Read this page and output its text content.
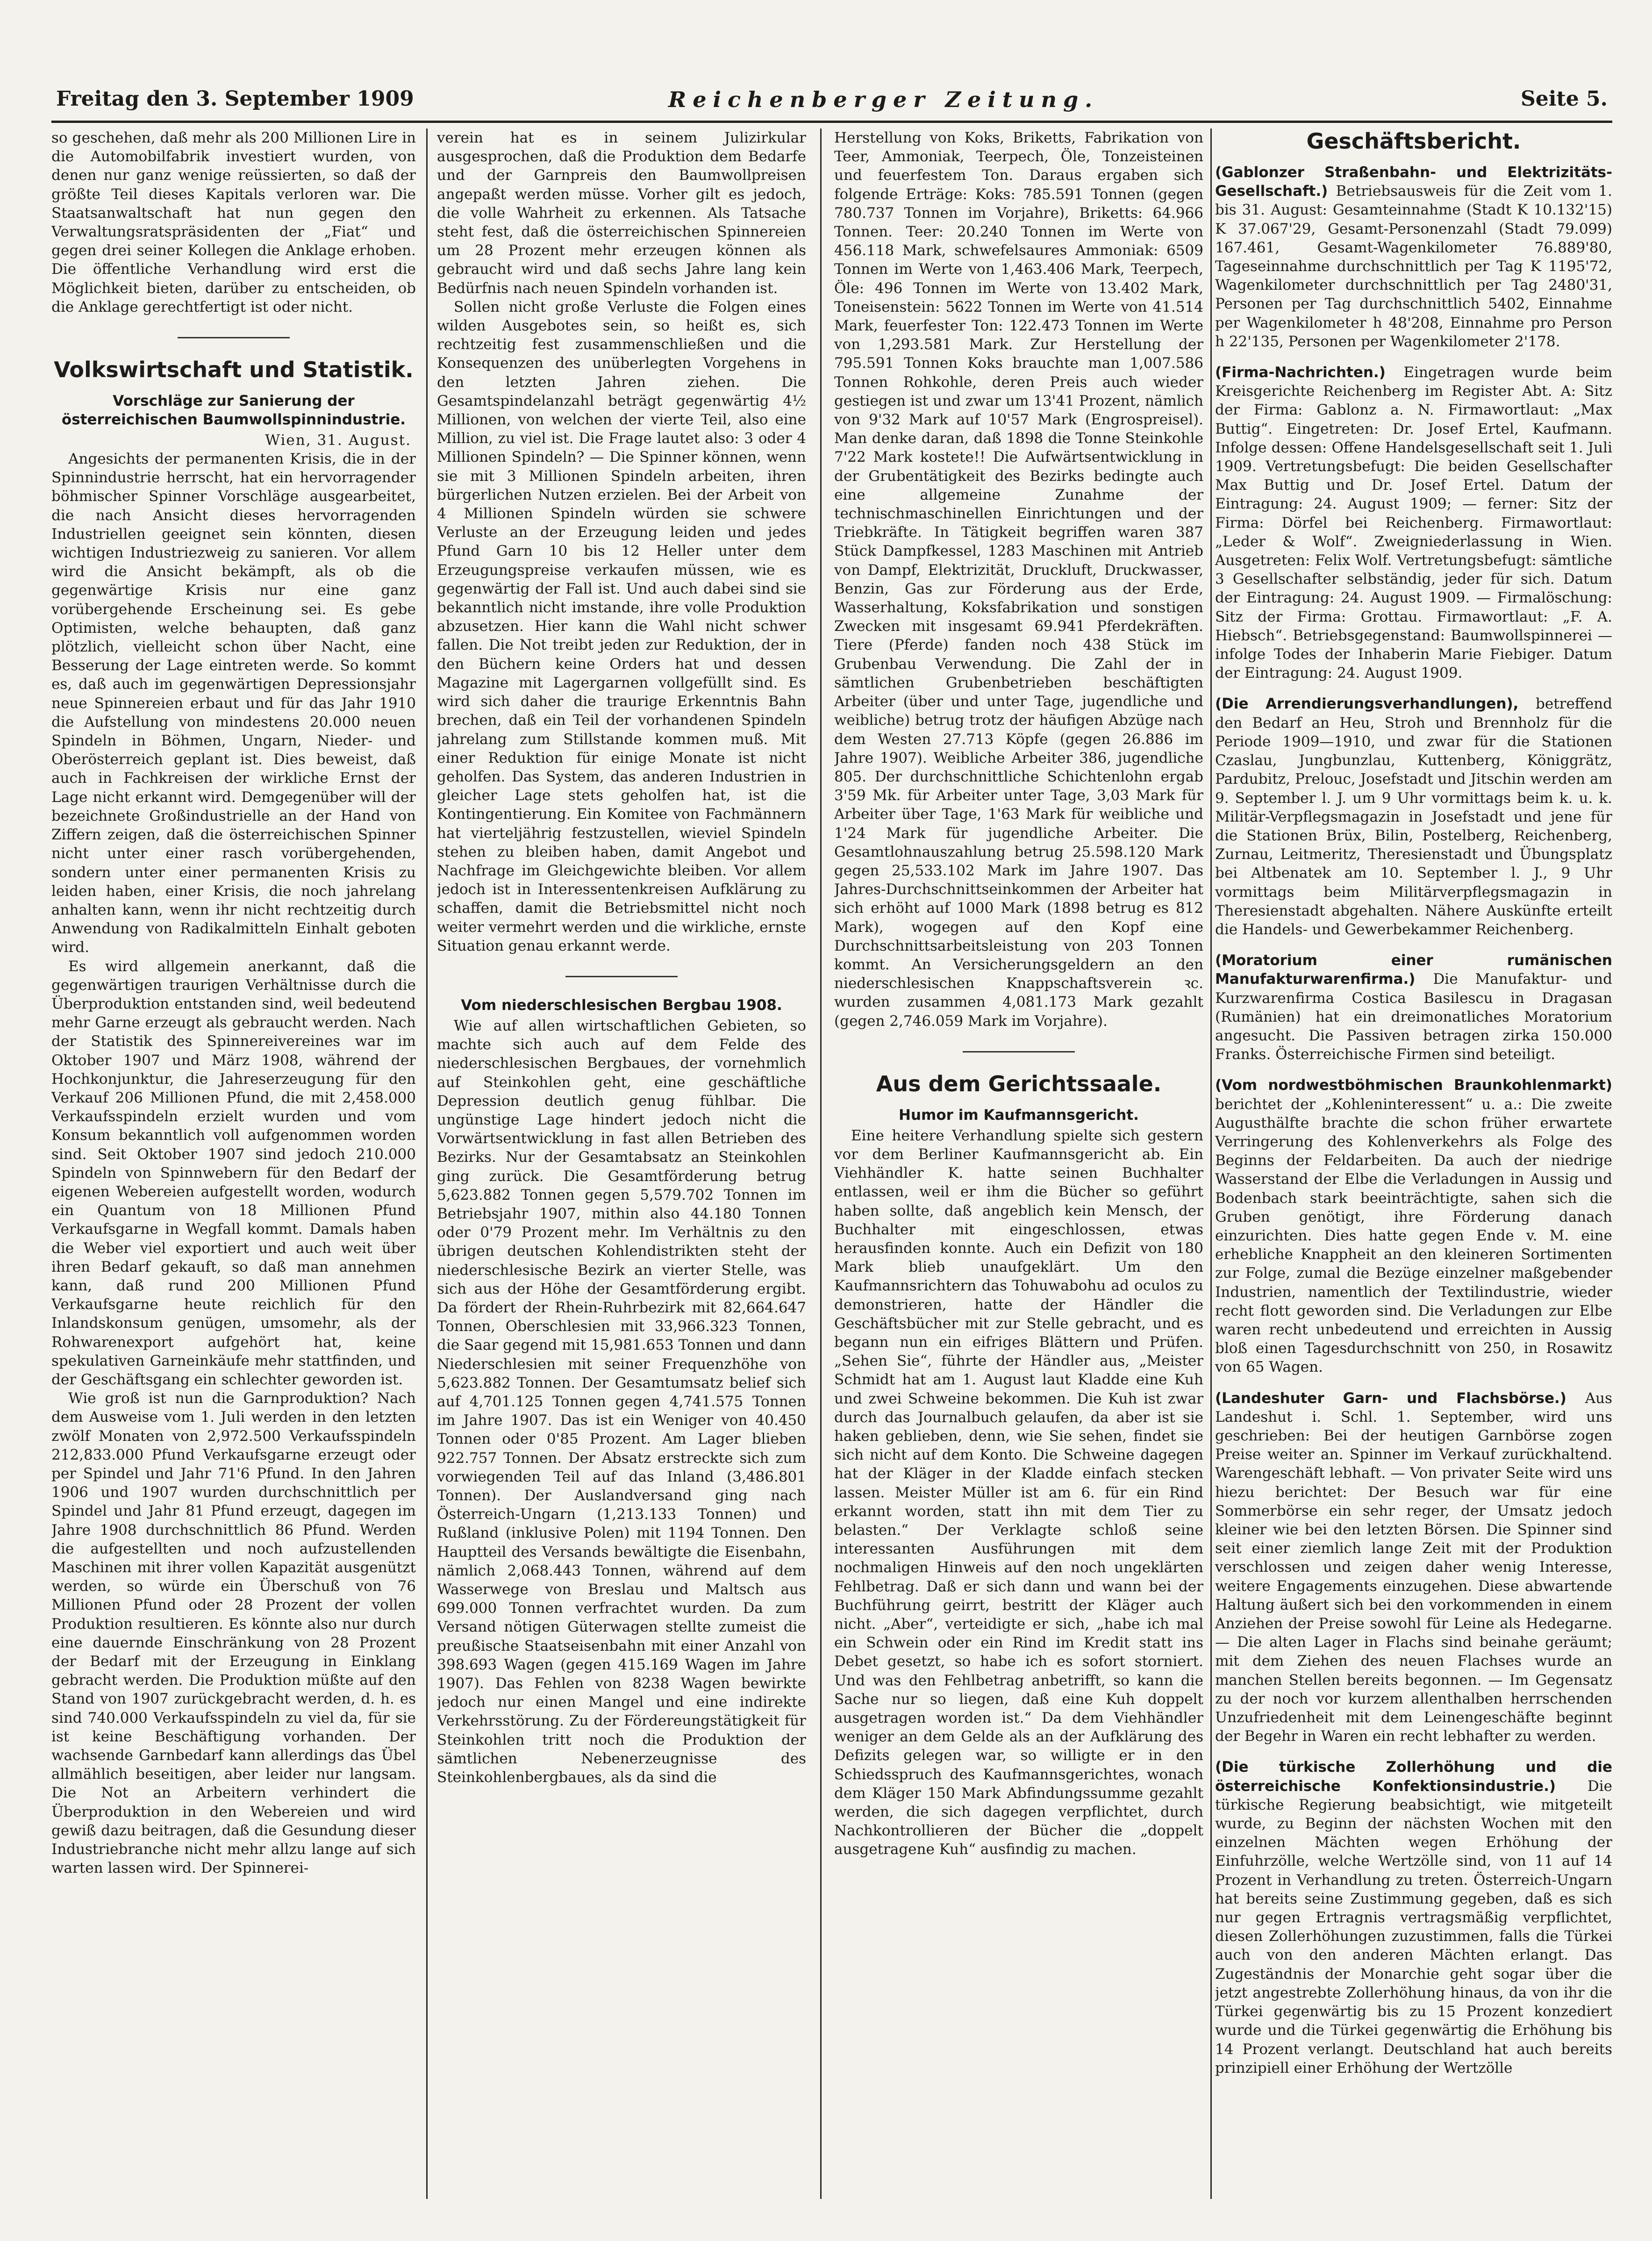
Freitag den 3. September 1909	Reichenberger Zeitung.	Seite 5.

so geschehen, daß mehr als 200 Millionen Lire in die Automobilfabrik investiert wurden, von denen nur ganz wenige reüssierten, so daß der größte Teil dieses Kapitals verloren war. Die Staatsanwaltschaft hat nun gegen den Verwaltungsratspräsidenten der „Fiat“ und gegen drei seiner Kollegen die Anklage erhoben. Die öffentliche Verhandlung wird erst die Möglichkeit bieten, darüber zu entscheiden, ob die Anklage gerechtfertigt ist oder nicht.

Volkswirtschaft und Statistik.
Vorschläge zur Sanierung der österreichischen Baumwollspinnindustrie.
Wien, 31. August.

Angesichts der permanenten Krisis, die in der Spinnindustrie herrscht, hat ein hervorragender böhmischer Spinner Vorschläge ausgearbeitet, die nach Ansicht dieses hervorragenden Industriellen geeignet sein könnten, diesen wichtigen Industriezweig zu sanieren. Vor allem wird die Ansicht bekämpft, als ob die gegenwärtige Krisis nur eine ganz vorübergehende Erscheinung sei. Es gebe Optimisten, welche behaupten, daß ganz plötzlich, vielleicht schon über Nacht, eine Besserung der Lage eintreten werde. So kommt es, daß auch im gegenwärtigen Depressionsjahr neue Spinnereien erbaut und für das Jahr 1910 die Aufstellung von mindestens 20.000 neuen Spindeln in Böhmen, Ungarn, Nieder- und Oberösterreich geplant ist. Dies beweist, daß auch in Fachkreisen der wirkliche Ernst der Lage nicht erkannt wird. Demgegenüber will der bezeichnete Großindustrielle an der Hand von Ziffern zeigen, daß die österreichischen Spinner nicht unter einer rasch vorübergehenden, sondern unter einer permanenten Krisis zu leiden haben, einer Krisis, die noch jahrelang anhalten kann, wenn ihr nicht rechtzeitig durch Anwendung von Radikalmitteln Einhalt geboten wird.

Es wird allgemein anerkannt, daß die gegenwärtigen traurigen Verhältnisse durch die Überproduktion entstanden sind, weil bedeutend mehr Garne erzeugt als gebraucht werden. Nach der Statistik des Spinnereivereines war im Oktober 1907 und März 1908, während der Hochkonjunktur, die Jahreserzeugung für den Verkauf 206 Millionen Pfund, die mit 2,458.000 Verkaufsspindeln erzielt wurden und vom Konsum bekanntlich voll aufgenommen worden sind. Seit Oktober 1907 sind jedoch 210.000 Spindeln von Spinnwebern für den Bedarf der eigenen Webereien aufgestellt worden, wodurch ein Quantum von 18 Millionen Pfund Verkaufsgarne in Wegfall kommt. Damals haben die Weber viel exportiert und auch weit über ihren Bedarf gekauft, so daß man annehmen kann, daß rund 200 Millionen Pfund Verkaufsgarne heute reichlich für den Inlandskonsum genügen, umsomehr, als der Rohwarenexport aufgehört hat, keine spekulativen Garneinkäufe mehr stattfinden, und der Geschäftsgang ein schlechter geworden ist.

Wie groß ist nun die Garnproduktion? Nach dem Ausweise vom 1. Juli werden in den letzten zwölf Monaten von 2,972.500 Verkaufsspindeln 212,833.000 Pfund Verkaufsgarne erzeugt oder per Spindel und Jahr 71'6 Pfund. In den Jahren 1906 und 1907 wurden durchschnittlich per Spindel und Jahr 81 Pfund erzeugt, dagegen im Jahre 1908 durchschnittlich 86 Pfund. Werden die aufgestellten und noch aufzustellenden Maschinen mit ihrer vollen Kapazität ausgenützt werden, so würde ein Überschuß von 76 Millionen Pfund oder 28 Prozent der vollen Produktion resultieren. Es könnte also nur durch eine dauernde Einschränkung von 28 Prozent der Bedarf mit der Erzeugung in Einklang gebracht werden. Die Produktion müßte auf den Stand von 1907 zurückgebracht werden, d. h. es sind 740.000 Verkaufsspindeln zu viel da, für sie ist keine Beschäftigung vorhanden. Der wachsende Garnbedarf kann allerdings das Übel allmählich beseitigen, aber leider nur langsam. Die Not an Arbeitern verhindert die Überproduktion in den Webereien und wird gewiß dazu beitragen, daß die Gesundung dieser Industriebranche nicht mehr allzu lange auf sich warten lassen wird. Der Spinnerei-

verein hat es in seinem Julizirkular ausgesprochen, daß die Produktion dem Bedarfe und der Garnpreis den Baumwollpreisen angepaßt werden müsse. Vorher gilt es jedoch, die volle Wahrheit zu erkennen. Als Tatsache steht fest, daß die österreichischen Spinnereien um 28 Prozent mehr erzeugen können als gebraucht wird und daß sechs Jahre lang kein Bedürfnis nach neuen Spindeln vorhanden ist.

Sollen nicht große Verluste die Folgen eines wilden Ausgebotes sein, so heißt es, sich rechtzeitig fest zusammenschließen und die Konsequenzen des unüberlegten Vorgehens in den letzten Jahren ziehen. Die Gesamtspindelanzahl beträgt gegenwärtig 4½ Millionen, von welchen der vierte Teil, also eine Million, zu viel ist. Die Frage lautet also: 3 oder 4 Millionen Spindeln? — Die Spinner können, wenn sie mit 3 Millionen Spindeln arbeiten, ihren bürgerlichen Nutzen erzielen. Bei der Arbeit von 4 Millionen Spindeln würden sie schwere Verluste an der Erzeugung leiden und jedes Pfund Garn 10 bis 12 Heller unter dem Erzeugungspreise verkaufen müssen, wie es gegenwärtig der Fall ist. Und auch dabei sind sie bekanntlich nicht imstande, ihre volle Produktion abzusetzen. Hier kann die Wahl nicht schwer fallen. Die Not treibt jeden zur Reduktion, der in den Büchern keine Orders hat und dessen Magazine mit Lagergarnen vollgefüllt sind. Es wird sich daher die traurige Erkenntnis Bahn brechen, daß ein Teil der vorhandenen Spindeln jahrelang zum Stillstande kommen muß. Mit einer Reduktion für einige Monate ist nicht geholfen. Das System, das anderen Industrien in gleicher Lage stets geholfen hat, ist die Kontingentierung. Ein Komitee von Fachmännern hat vierteljährig festzustellen, wieviel Spindeln stehen zu bleiben haben, damit Angebot und Nachfrage im Gleichgewichte bleiben. Vor allem jedoch ist in Interessentenkreisen Aufklärung zu schaffen, damit die Betriebsmittel nicht noch weiter vermehrt werden und die wirkliche, ernste Situation genau erkannt werde.

Vom niederschlesischen Bergbau 1908.

Wie auf allen wirtschaftlichen Gebieten, so machte sich auch auf dem Felde des niederschlesischen Bergbaues, der vornehmlich auf Steinkohlen geht, eine geschäftliche Depression deutlich genug fühlbar. Die ungünstige Lage hindert jedoch nicht die Vorwärtsentwicklung in fast allen Betrieben des Bezirks. Nur der Gesamtabsatz an Steinkohlen ging zurück. Die Gesamtförderung betrug 5,623.882 Tonnen gegen 5,579.702 Tonnen im Betriebsjahr 1907, mithin also 44.180 Tonnen oder 0'79 Prozent mehr. Im Verhältnis zu den übrigen deutschen Kohlendistrikten steht der niederschlesische Bezirk an vierter Stelle, was sich aus der Höhe der Gesamtförderung ergibt. Da fördert der Rhein-Ruhrbezirk mit 82,664.647 Tonnen, Oberschlesien mit 33,966.323 Tonnen, die Saar gegend mit 15,981.653 Tonnen und dann Niederschlesien mit seiner Frequenzhöhe von 5,623.882 Tonnen. Der Gesamtumsatz belief sich auf 4,701.125 Tonnen gegen 4,741.575 Tonnen im Jahre 1907. Das ist ein Weniger von 40.450 Tonnen oder 0'85 Prozent. Am Lager blieben 922.757 Tonnen. Der Absatz erstreckte sich zum vorwiegenden Teil auf das Inland (3,486.801 Tonnen). Der Auslandversand ging nach Österreich-Ungarn (1,213.133 Tonnen) und Rußland (inklusive Polen) mit 1194 Tonnen. Den Hauptteil des Versands bewältigte die Eisenbahn, nämlich 2,068.443 Tonnen, während auf dem Wasserwege von Breslau und Maltsch aus 699.000 Tonnen verfrachtet wurden. Da zum Versand nötigen Güterwagen stellte zumeist die preußische Staatseisenbahn mit einer Anzahl von 398.693 Wagen (gegen 415.169 Wagen im Jahre 1907). Das Fehlen von 8238 Wagen bewirkte jedoch nur einen Mangel und eine indirekte Verkehrsstörung. Zu der Fördereungstätigkeit für Steinkohlen tritt noch die Produktion der sämtlichen Nebenerzeugnisse des Steinkohlenbergbaues, als da sind die

Herstellung von Koks, Briketts, Fabrikation von Teer, Ammoniak, Teerpech, Öle, Tonzeisteinen und feuerfestem Ton. Daraus ergaben sich folgende Erträge: Koks: 785.591 Tonnen (gegen 780.737 Tonnen im Vorjahre), Briketts: 64.966 Tonnen. Teer: 20.240 Tonnen im Werte von 456.118 Mark, schwefelsaures Ammoniak: 6509 Tonnen im Werte von 1,463.406 Mark, Teerpech, Öle: 496 Tonnen im Werte von 13.402 Mark, Toneisenstein: 5622 Tonnen im Werte von 41.514 Mark, feuerfester Ton: 122.473 Tonnen im Werte von 1,293.581 Mark. Zur Herstellung der 795.591 Tonnen Koks brauchte man 1,007.586 Tonnen Rohkohle, deren Preis auch wieder gestiegen ist und zwar um 13'41 Prozent, nämlich von 9'32 Mark auf 10'57 Mark (Engrospreisel). Man denke daran, daß 1898 die Tonne Steinkohle 7'22 Mark kostete!! Die Aufwärtsentwicklung in der Grubentätigkeit des Bezirks bedingte auch eine allgemeine Zunahme der technischmaschinellen Einrichtungen und der Triebkräfte. In Tätigkeit begriffen waren 387 Stück Dampfkessel, 1283 Maschinen mit Antrieb von Dampf, Elektrizität, Druckluft, Druckwasser, Benzin, Gas zur Förderung aus der Erde, Wasserhaltung, Koksfabrikation und sonstigen Zwecken mit insgesamt 69.941 Pferdekräften. Tiere (Pferde) fanden noch 438 Stück im Grubenbau Verwendung. Die Zahl der in sämtlichen Grubenbetrieben beschäftigten Arbeiter (über und unter Tage, jugendliche und weibliche) betrug trotz der häufigen Abzüge nach dem Westen 27.713 Köpfe (gegen 26.886 im Jahre 1907). Weibliche Arbeiter 386, jugendliche 805. Der durchschnittliche Schichtenlohn ergab 3'59 Mk. für Arbeiter unter Tage, 3,03 Mark für Arbeiter über Tage, 1'63 Mark für weibliche und 1'24 Mark für jugendliche Arbeiter. Die Gesamtlohnauszahlung betrug 25.598.120 Mark gegen 25,533.102 Mark im Jahre 1907. Das Jahres-Durchschnittseinkommen der Arbeiter hat sich erhöht auf 1000 Mark (1898 betrug es 812 Mark), wogegen auf den Kopf eine Durchschnittsarbeitsleistung von 203 Tonnen kommt. An Versicherungsgeldern an den niederschlesischen Knappschaftsverein ꝛc. wurden zusammen 4,081.173 Mark gezahlt (gegen 2,746.059 Mark im Vorjahre).

Aus dem Gerichtssaale.
Humor im Kaufmannsgericht.

Eine heitere Verhandlung spielte sich gestern vor dem Berliner Kaufmannsgericht ab. Ein Viehhändler K. hatte seinen Buchhalter entlassen, weil er ihm die Bücher so geführt haben sollte, daß angeblich kein Mensch, der Buchhalter mit eingeschlossen, etwas herausfinden konnte. Auch ein Defizit von 180 Mark blieb unaufgeklärt. Um den Kaufmannsrichtern das Tohuwabohu ad oculos zu demonstrieren, hatte der Händler die Geschäftsbücher mit zur Stelle gebracht, und es begann nun ein eifriges Blättern und Prüfen. „Sehen Sie“, führte der Händler aus, „Meister Schmidt hat am 1. August laut Kladde eine Kuh und zwei Schweine bekommen. Die Kuh ist zwar durch das Journalbuch gelaufen, da aber ist sie haken geblieben, denn, wie Sie sehen, findet sie sich nicht auf dem Konto. Die Schweine dagegen hat der Kläger in der Kladde einfach stecken lassen. Meister Müller ist am 6. für ein Rind erkannt worden, statt ihn mit dem Tier zu belasten.“ Der Verklagte schloß seine interessanten Ausführungen mit dem nochmaligen Hinweis auf den noch ungeklärten Fehlbetrag. Daß er sich dann und wann bei der Buchführung geirrt, bestritt der Kläger auch nicht. „Aber“, verteidigte er sich, „habe ich mal ein Schwein oder ein Rind im Kredit statt ins Debet gesetzt, so habe ich es sofort storniert. Und was den Fehlbetrag anbetrifft, so kann die Sache nur so liegen, daß eine Kuh doppelt ausgetragen worden ist.“ Da dem Viehhändler weniger an dem Gelde als an der Aufklärung des Defizits gelegen war, so willigte er in den Schiedsspruch des Kaufmannsgerichtes, wonach dem Kläger 150 Mark Abfindungssumme gezahlt werden, die sich dagegen verpflichtet, durch Nachkontrollieren der Bücher die „doppelt ausgetragene Kuh“ ausfindig zu machen.

Geschäftsbericht.
(Gablonzer Straßenbahn- und Elektrizitäts-Gesellschaft.) Betriebsausweis für die Zeit vom 1. bis 31. August: Gesamteinnahme (Stadt K 10.132'15) K 37.067'29, Gesamt-Personenzahl (Stadt 79.099) 167.461, Gesamt-Wagenkilometer 76.889'80, Tageseinnahme durchschnittlich per Tag K 1195'72, Wagenkilometer durchschnittlich per Tag 2480'31, Personen per Tag durchschnittlich 5402, Einnahme per Wagenkilometer h 48'208, Einnahme pro Person h 22'135, Personen per Wagenkilometer 2'178.
(Firma-Nachrichten.) Eingetragen wurde beim Kreisgerichte Reichenberg im Register Abt. A: Sitz der Firma: Gablonz a. N. Firmawortlaut: „Max Buttig“. Eingetreten: Dr. Josef Ertel, Kaufmann. Infolge dessen: Offene Handelsgesellschaft seit 1. Juli 1909. Vertretungsbefugt: Die beiden Gesellschafter Max Buttig und Dr. Josef Ertel. Datum der Eintragung: 24. August 1909; — ferner: Sitz der Firma: Dörfel bei Reichenberg. Firmawortlaut: „Leder & Wolf“. Zweigniederlassung in Wien. Ausgetreten: Felix Wolf. Vertretungsbefugt: sämtliche 3 Gesellschafter selbständig, jeder für sich. Datum der Eintragung: 24. August 1909. — Firmalöschung: Sitz der Firma: Grottau. Firmawortlaut: „F. A. Hiebsch“. Betriebsgegenstand: Baumwollspinnerei — infolge Todes der Inhaberin Marie Fiebiger. Datum der Eintragung: 24. August 1909.
(Die Arrendierungsverhandlungen), betreffend den Bedarf an Heu, Stroh und Brennholz für die Periode 1909—1910, und zwar für die Stationen Czaslau, Jungbunzlau, Kuttenberg, Königgrätz, Pardubitz, Prelouc, Josefstadt und Jitschin werden am 9. September l. J. um 9 Uhr vormittags beim k. u. k. Militär-Verpflegsmagazin in Josefstadt und jene für die Stationen Brüx, Bilin, Postelberg, Reichenberg, Zurnau, Leitmeritz, Theresienstadt und Übungsplatz bei Altbenatek am 10. September l. J., 9 Uhr vormittags beim Militärverpflegsmagazin in Theresienstadt abgehalten. Nähere Auskünfte erteilt die Handels- und Gewerbekammer Reichenberg.
(Moratorium einer rumänischen Manufakturwarenfirma.) Die Manufaktur- und Kurzwarenfirma Costica Basilescu in Dragasan (Rumänien) hat ein dreimonatliches Moratorium angesucht. Die Passiven betragen zirka 150.000 Franks. Österreichische Firmen sind beteiligt.
(Vom nordwestböhmischen Braunkohlenmarkt) berichtet der „Kohleninteressent“ u. a.: Die zweite Augusthälfte brachte die schon früher erwartete Verringerung des Kohlenverkehrs als Folge des Beginns der Feldarbeiten. Da auch der niedrige Wasserstand der Elbe die Verladungen in Aussig und Bodenbach stark beeinträchtigte, sahen sich die Gruben genötigt, ihre Förderung danach einzurichten. Dies hatte gegen Ende v. M. eine erhebliche Knappheit an den kleineren Sortimenten zur Folge, zumal die Bezüge einzelner maßgebender Industrien, namentlich der Textilindustrie, wieder recht flott geworden sind. Die Verladungen zur Elbe waren recht unbedeutend und erreichten in Aussig bloß einen Tagesdurchschnitt von 250, in Rosawitz von 65 Wagen.
(Landeshuter Garn- und Flachsbörse.) Aus Landeshut i. Schl. 1. September, wird uns geschrieben: Bei der heutigen Garnbörse zogen Preise weiter an. Spinner im Verkauf zurückhaltend. Warengeschäft lebhaft. — Von privater Seite wird uns hiezu berichtet: Der Besuch war für eine Sommerbörse ein sehr reger, der Umsatz jedoch kleiner wie bei den letzten Börsen. Die Spinner sind seit einer ziemlich lange Zeit mit der Produktion verschlossen und zeigen daher wenig Interesse, weitere Engagements einzugehen. Diese abwartende Haltung äußert sich bei den vorkommenden in einem Anziehen der Preise sowohl für Leine als Hedegarne. — Die alten Lager in Flachs sind beinahe geräumt; mit dem Ziehen des neuen Flachses wurde an manchen Stellen bereits begonnen. — Im Gegensatz zu der noch vor kurzem allenthalben herrschenden Unzufriedenheit mit dem Leinengeschäfte beginnt der Begehr in Waren ein recht lebhafter zu werden.
(Die türkische Zollerhöhung und die österreichische Konfektionsindustrie.) Die türkische Regierung beabsichtigt, wie mitgeteilt wurde, zu Beginn der nächsten Wochen mit den einzelnen Mächten wegen Erhöhung der Einfuhrzölle, welche Wertzölle sind, von 11 auf 14 Prozent in Verhandlung zu treten. Österreich-Ungarn hat bereits seine Zustimmung gegeben, daß es sich nur gegen Ertragnis vertragsmäßig verpflichtet, diesen Zollerhöhungen zuzustimmen, falls die Türkei auch von den anderen Mächten erlangt. Das Zugeständnis der Monarchie geht sogar über die jetzt angestrebte Zollerhöhung hinaus, da von ihr die Türkei gegenwärtig bis zu 15 Prozent konzediert wurde und die Türkei gegenwärtig die Erhöhung bis 14 Prozent verlangt. Deutschland hat auch bereits prinzipiell einer Erhöhung der Wertzölle
